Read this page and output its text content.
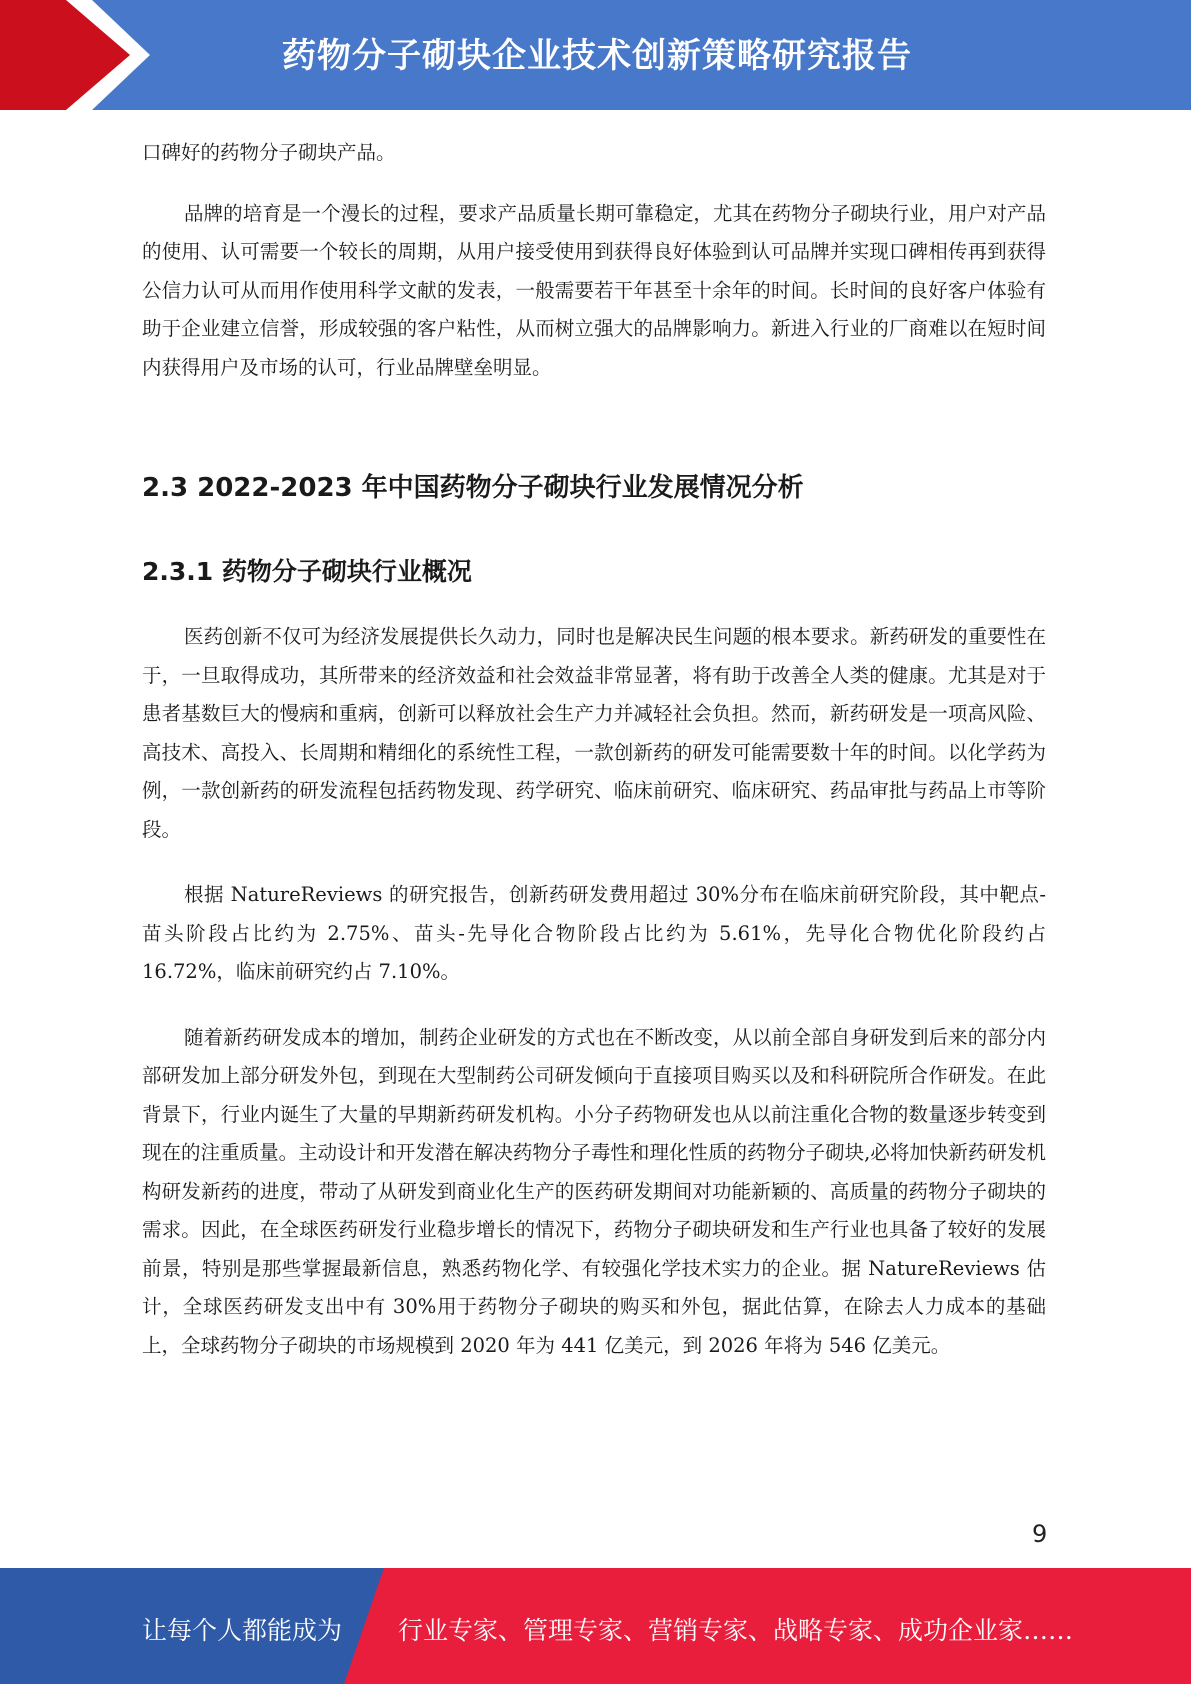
药物分子砌块企业技术创新策略研究报告

口碑好的药物分子砌块产品。

品牌的培育是一个漫长的过程，要求产品质量长期可靠稳定，尤其在药物分子砌块行业，用户对产品的使用、认可需要一个较长的周期，从用户接受使用到获得良好体验到认可品牌并实现口碑相传再到获得公信力认可从而用作使用科学文献的发表，一般需要若干年甚至十余年的时间。长时间的良好客户体验有助于企业建立信誉，形成较强的客户粘性，从而树立强大的品牌影响力。新进入行业的厂商难以在短时间内获得用户及市场的认可，行业品牌壁垒明显。

2.3 2022-2023 年中国药物分子砌块行业发展情况分析
2.3.1 药物分子砌块行业概况

医药创新不仅可为经济发展提供长久动力，同时也是解决民生问题的根本要求。新药研发的重要性在于，一旦取得成功，其所带来的经济效益和社会效益非常显著，将有助于改善全人类的健康。尤其是对于患者基数巨大的慢病和重病，创新可以释放社会生产力并减轻社会负担。然而，新药研发是一项高风险、高技术、高投入、长周期和精细化的系统性工程，一款创新药的研发可能需要数十年的时间。以化学药为例，一款创新药的研发流程包括药物发现、药学研究、临床前研究、临床研究、药品审批与药品上市等阶段。

根据 NatureReviews 的研究报告，创新药研发费用超过 30%分布在临床前研究阶段，其中靶点-苗头阶段占比约为 2.75%、苗头-先导化合物阶段占比约为 5.61%，先导化合物优化阶段约占 16.72%，临床前研究约占 7.10%。

随着新药研发成本的增加，制药企业研发的方式也在不断改变，从以前全部自身研发到后来的部分内部研发加上部分研发外包，到现在大型制药公司研发倾向于直接项目购买以及和科研院所合作研发。在此背景下，行业内诞生了大量的早期新药研发机构。小分子药物研发也从以前注重化合物的数量逐步转变到现在的注重质量。主动设计和开发潜在解决药物分子毒性和理化性质的药物分子砌块,必将加快新药研发机构研发新药的进度，带动了从研发到商业化生产的医药研发期间对功能新颖的、高质量的药物分子砌块的需求。因此，在全球医药研发行业稳步增长的情况下，药物分子砌块研发和生产行业也具备了较好的发展前景，特别是那些掌握最新信息，熟悉药物化学、有较强化学技术实力的企业。据 NatureReviews 估计，全球医药研发支出中有 30%用于药物分子砌块的购买和外包，据此估算，在除去人力成本的基础上，全球药物分子砌块的市场规模到 2020 年为 441 亿美元，到 2026 年将为 546 亿美元。

9
让每个人都能成为 行业专家、管理专家、营销专家、战略专家、成功企业家……
